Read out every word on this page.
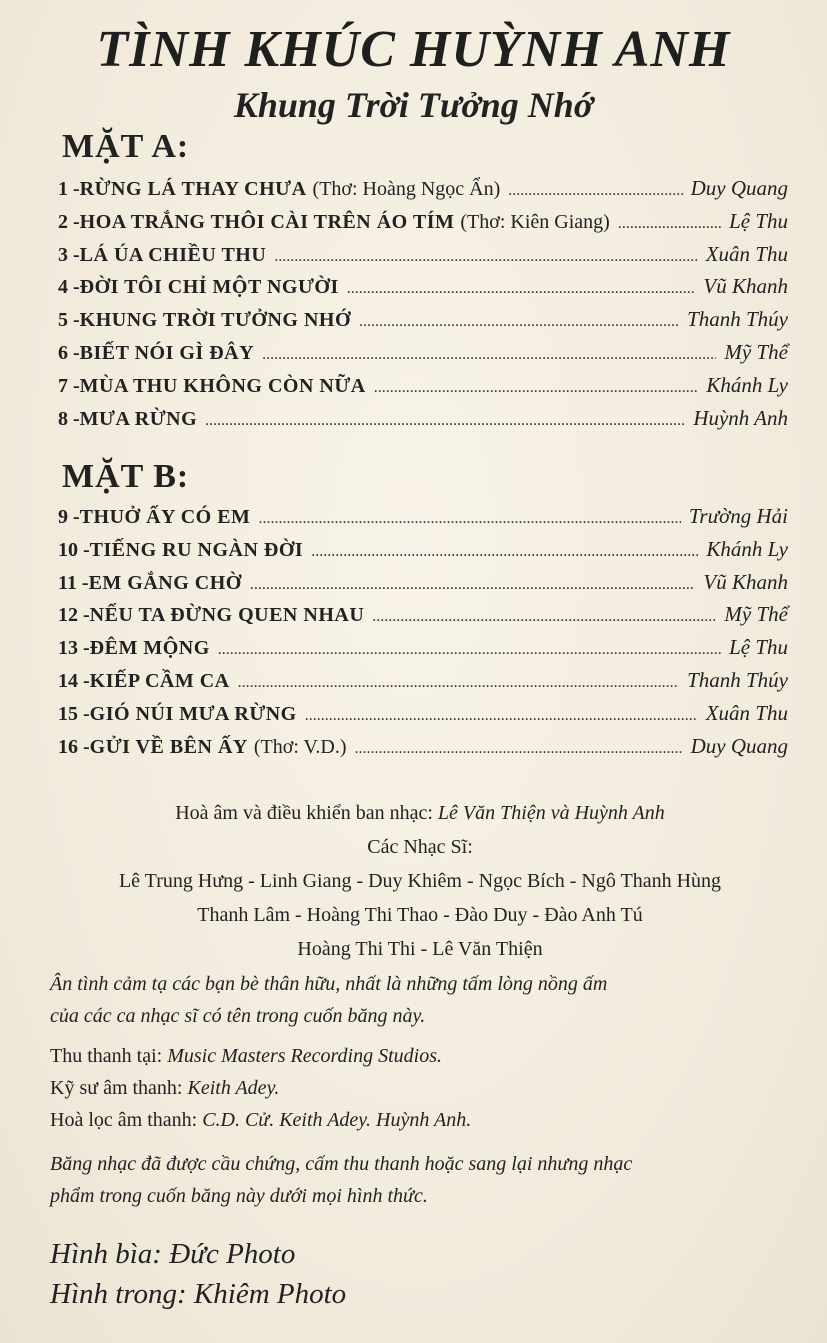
TÌNH KHÚC HUỲNH ANH
Khung Trời Tưởng Nhớ
MẶT A:
1 - RỪNG LÁ THAY CHƯA (Thơ: Hoàng Ngọc Ẩn) . . .	Duy Quang
2 - HOA TRẮNG THÔI CÀI TRÊN ÁO TÍM (Thơ: Kiên Giang) . . .	Lệ Thu
3 - LÁ ÚA CHIỀU THU . . .	Xuân Thu
4 - ĐỜI TÔI CHỈ MỘT NGƯỜI . . .	Vũ Khanh
5 - KHUNG TRỜI TƯỞNG NHỚ . . .	Thanh Thúy
6 - BIẾT NÓI GÌ ĐÂY . . .	Mỹ Thể
7 - MÙA THU KHÔNG CÒN NỮA . . .	Khánh Ly
8 - MƯA RỪNG . . .	Huỳnh Anh
MẶT B:
9 - THUỞ ẤY CÓ EM . . .	Trường Hải
10 - TIẾNG RU NGÀN ĐỜI . . .	Khánh Ly
11 - EM GẮNG CHỜ . . .	Vũ Khanh
12 - NẾU TA ĐỪNG QUEN NHAU . . .	Mỹ Thể
13 - ĐÊM MỘNG . . .	Lệ Thu
14 - KIẾP CẦM CA . . .	Thanh Thúy
15 - GIÓ NÚI MƯA RỪNG . . .	Xuân Thu
16 - GỬI VỀ BÊN ẤY (Thơ: V.D.) . . .	Duy Quang
Hoà âm và điều khiển ban nhạc: Lê Văn Thiện và Huỳnh Anh
Các Nhạc Sĩ:
Lê Trung Hưng - Linh Giang - Duy Khiêm - Ngọc Bích - Ngô Thanh Hùng
Thanh Lâm - Hoàng Thi Thao - Đào Duy - Đào Anh Tú
Hoàng Thi Thi - Lê Văn Thiện
Ân tình cảm tạ các bạn bè thân hữu, nhất là những tấm lòng nồng ấm
của các ca nhạc sĩ có tên trong cuốn băng này.
Thu thanh tại: Music Masters Recording Studios.
Kỹ sư âm thanh: Keith Adey.
Hoà lọc âm thanh: C.D. Cử. Keith Adey. Huỳnh Anh.
Băng nhạc đã được cầu chứng, cấm thu thanh hoặc sang lại nhưng nhạc
phẩm trong cuốn băng này dưới mọi hình thức.
Hình bìa: Đức Photo
Hình trong: Khiêm Photo
